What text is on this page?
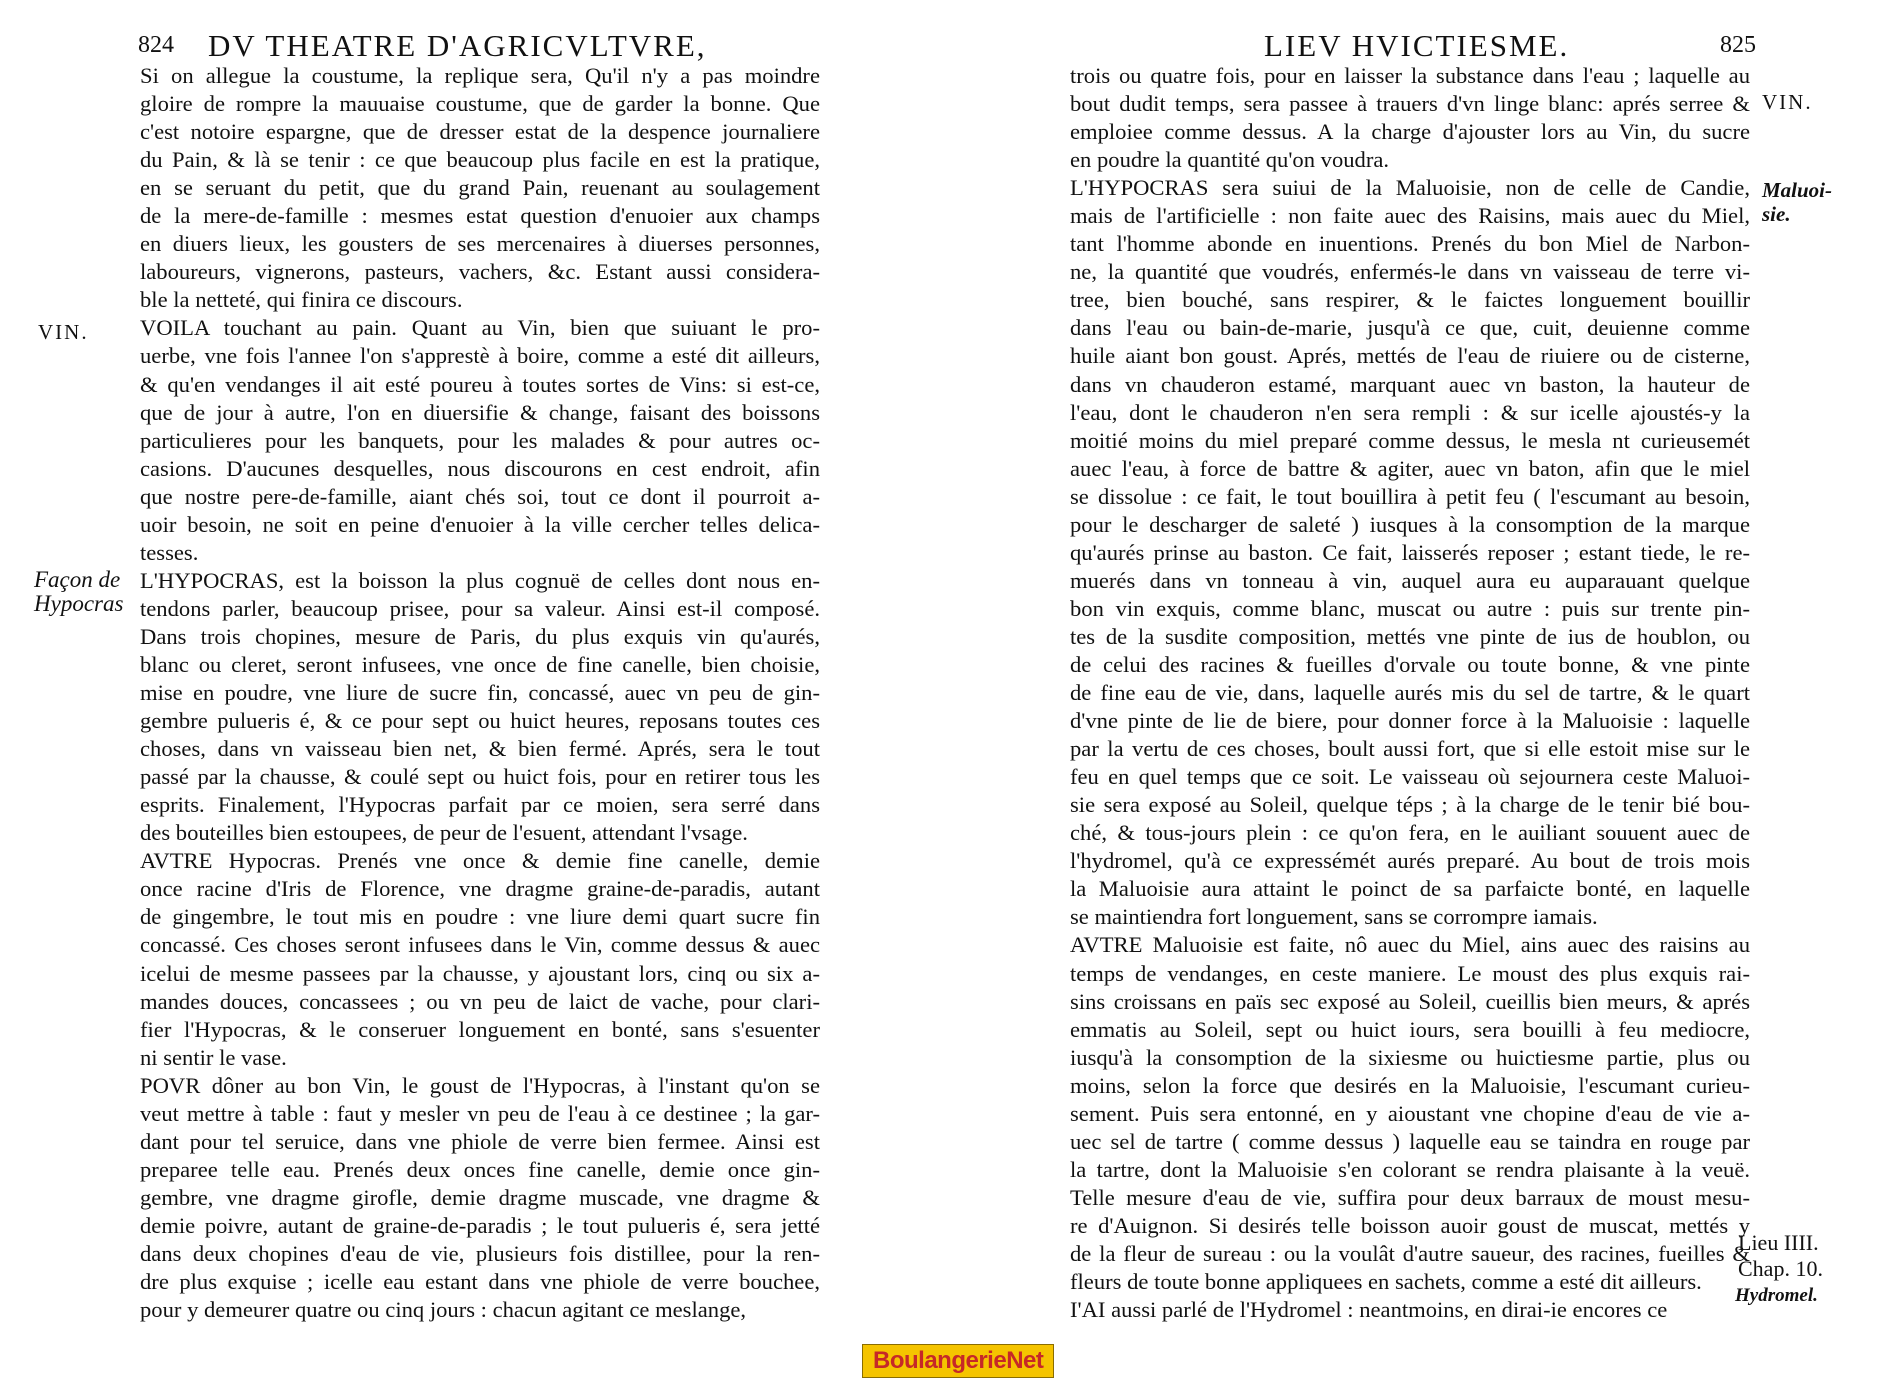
824 DV THEATRE D'AGRICVLTVRE,
Si on allegue la coustume, la replique sera, Qu'il n'y a pas moindre
gloire de rompre la mauuaise coustume, que de garder la bonne. Que
c'est notoire espargne, que de dresser estat de la despence journaliere
du Pain, & là se tenir : ce que beaucoup plus facile en est la pratique,
en se seruant du petit, que du grand Pain, reuenant au soulagement
de la mere-de-famille : mesmes estat question d'enuoier aux champs
en diuers lieux, les gousters de ses mercenaires à diuerses personnes,
laboureurs, vignerons, pasteurs, vachers, &c. Estant aussi considera-
ble la netteté, qui finira ce discours.
VOILA touchant au pain. Quant au Vin, bien que suiuant le pro-
uerbe, vne fois l'annee l'on s'apprestè à boire, comme a esté dit ailleurs,
& qu'en vendanges il ait esté poureu à toutes sortes de Vins: si est-ce,
que de jour à autre, l'on en diuersifie & change, faisant des boissons
particulieres pour les banquets, pour les malades & pour autres oc-
casions. D'aucunes desquelles, nous discourons en cest endroit, afin
que nostre pere-de-famille, aiant chés soi, tout ce dont il pourroit a-
uoir besoin, ne soit en peine d'enuoier à la ville cercher telles delica-
tesses.
L'HYPOCRAS, est la boisson la plus cognuë de celles dont nous en-
tendons parler, beaucoup prisee, pour sa valeur. Ainsi est-il composé.
Dans trois chopines, mesure de Paris, du plus exquis vin qu'aurés,
blanc ou cleret, seront infusees, vne once de fine canelle, bien choisie,
mise en poudre, vne liure de sucre fin, concassé, auec vn peu de gin-
gembre pulueris é, & ce pour sept ou huict heures, reposans toutes ces
choses, dans vn vaisseau bien net, & bien fermé. Aprés, sera le tout
passé par la chausse, & coulé sept ou huict fois, pour en retirer tous les
esprits. Finalement, l'Hypocras parfait par ce moien, sera serré dans
des bouteilles bien estoupees, de peur de l'esuent, attendant l'vsage.
AVTRE Hypocras. Prenés vne once & demie fine canelle, demie
once racine d'Iris de Florence, vne dragme graine-de-paradis, autant
de gingembre, le tout mis en poudre : vne liure demi quart sucre fin
concassé. Ces choses seront infusees dans le Vin, comme dessus & auec
icelui de mesme passees par la chausse, y ajoustant lors, cinq ou six a-
mandes douces, concassees ; ou vn peu de laict de vache, pour clari-
fier l'Hypocras, & le conseruer longuement en bonté, sans s'esuenter
ni sentir le vase.
POVR dôner au bon Vin, le goust de l'Hypocras, à l'instant qu'on se
veut mettre à table : faut y mesler vn peu de l'eau à ce destinee ; la gar-
dant pour tel seruice, dans vne phiole de verre bien fermee. Ainsi est
preparee telle eau. Prenés deux onces fine canelle, demie once gin-
gembre, vne dragme girofle, demie dragme muscade, vne dragme &
demie poivre, autant de graine-de-paradis ; le tout pulueris é, sera jetté
dans deux chopines d'eau de vie, plusieurs fois distillee, pour la ren-
dre plus exquise ; icelle eau estant dans vne phiole de verre bouchee,
pour y demeurer quatre ou cinq jours : chacun agitant ce meslange,
VIN.
Façon de
Hypocras
LIEV HVICTIESME.	825
trois ou quatre fois, pour en laisser la substance dans l'eau ; laquelle au
bout dudit temps, sera passee à trauers d'vn linge blanc: aprés serree &
emploiee comme dessus. A la charge d'ajouster lors au Vin, du sucre
en poudre la quantité qu'on voudra.
L'HYPOCRAS sera suiui de la Maluoisie, non de celle de Candie,
mais de l'artificielle : non faite auec des Raisins, mais auec du Miel,
tant l'homme abonde en inuentions. Prenés du bon Miel de Narbon-
ne, la quantité que voudrés, enfermés-le dans vn vaisseau de terre vi-
tree, bien bouché, sans respirer, & le faictes longuement bouillir
dans l'eau ou bain-de-marie, jusqu'à ce que, cuit, deuienne comme
huile aiant bon goust. Aprés, mettés de l'eau de riuiere ou de cisterne,
dans vn chauderon estamé, marquant auec vn baston, la hauteur de
l'eau, dont le chauderon n'en sera rempli : & sur icelle ajoustés-y la
moitié moins du miel preparé comme dessus, le mesla nt curieusemét
auec l'eau, à force de battre & agiter, auec vn baton, afin que le miel
se dissolue : ce fait, le tout bouillira à petit feu ( l'escumant au besoin,
pour le descharger de saleté ) iusques à la consomption de la marque
qu'aurés prinse au baston. Ce fait, laisserés reposer ; estant tiede, le re-
muerés dans vn tonneau à vin, auquel aura eu auparauant quelque
bon vin exquis, comme blanc, muscat ou autre : puis sur trente pin-
tes de la susdite composition, mettés vne pinte de ius de houblon, ou
de celui des racines & fueilles d'orvale ou toute bonne, & vne pinte
de fine eau de vie, dans, laquelle aurés mis du sel de tartre, & le quart
d'vne pinte de lie de biere, pour donner force à la Maluoisie : laquelle
par la vertu de ces choses, boult aussi fort, que si elle estoit mise sur le
feu en quel temps que ce soit. Le vaisseau où sejournera ceste Maluoi-
sie sera exposé au Soleil, quelque téps ; à la charge de le tenir bié bou-
ché, & tous-jours plein : ce qu'on fera, en le auiliant souuent auec de
l'hydromel, qu'à ce expressémét aurés preparé. Au bout de trois mois
la Maluoisie aura attaint le poinct de sa parfaicte bonté, en laquelle
se maintiendra fort longuement, sans se corrompre iamais.
AVTRE Maluoisie est faite, nô auec du Miel, ains auec des raisins au
temps de vendanges, en ceste maniere. Le moust des plus exquis rai-
sins croissans en païs sec exposé au Soleil, cueillis bien meurs, & aprés
emmatis au Soleil, sept ou huict iours, sera bouilli à feu mediocre,
iusqu'à la consomption de la sixiesme ou huictiesme partie, plus ou
moins, selon la force que desirés en la Maluoisie, l'escumant curieu-
sement. Puis sera entonné, en y aioustant vne chopine d'eau de vie a-
uec sel de tartre ( comme dessus ) laquelle eau se taindra en rouge par
la tartre, dont la Maluoisie s'en colorant se rendra plaisante à la veuë.
Telle mesure d'eau de vie, suffira pour deux barraux de moust mesu-
re d'Auignon. Si desirés telle boisson auoir goust de muscat, mettés y
de la fleur de sureau : ou la voulât d'autre saueur, des racines, fueilles &
fleurs de toute bonne appliquees en sachets, comme a esté dit ailleurs.
I'AI aussi parlé de l'Hydromel : neantmoins, en dirai-ie encores ce
VIN.
Maluoi-
sie.
Lieu IIII.
Chap. 10.
Hydromel.
BoulangerieNet
